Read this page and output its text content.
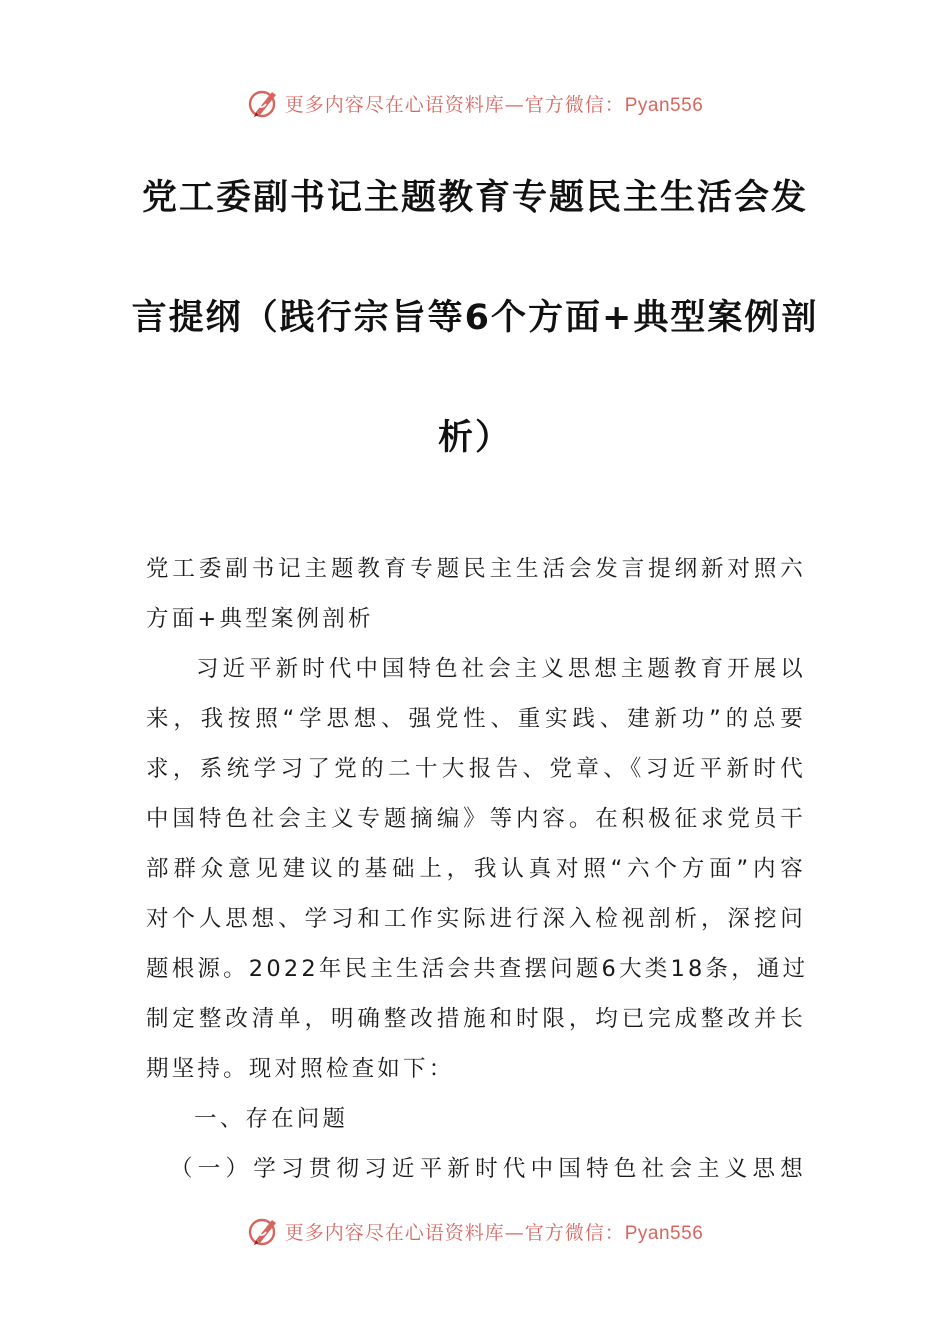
更多内容尽在心语资料库—官方微信：Pyan556
党工委副书记主题教育专题民主生活会发
言提纲（践行宗旨等6个方面+典型案例剖
析）
党工委副书记主题教育专题民主生活会发言提纲新对照六
方面+典型案例剖析
习近平新时代中国特色社会主义思想主题教育开展以
来，我按照“学思想、强党性、重实践、建新功”的总要
求，系统学习了党的二十大报告、党章、《习近平新时代
中国特色社会主义专题摘编》等内容。在积极征求党员干
部群众意见建议的基础上，我认真对照“六个方面”内容
对个人思想、学习和工作实际进行深入检视剖析，深挖问
题根源。2022年民主生活会共查摆问题6大类18条，通过
制定整改清单，明确整改措施和时限，均已完成整改并长
期坚持。现对照检查如下：
一、存在问题
（一）学习贯彻习近平新时代中国特色社会主义思想
更多内容尽在心语资料库—官方微信：Pyan556
